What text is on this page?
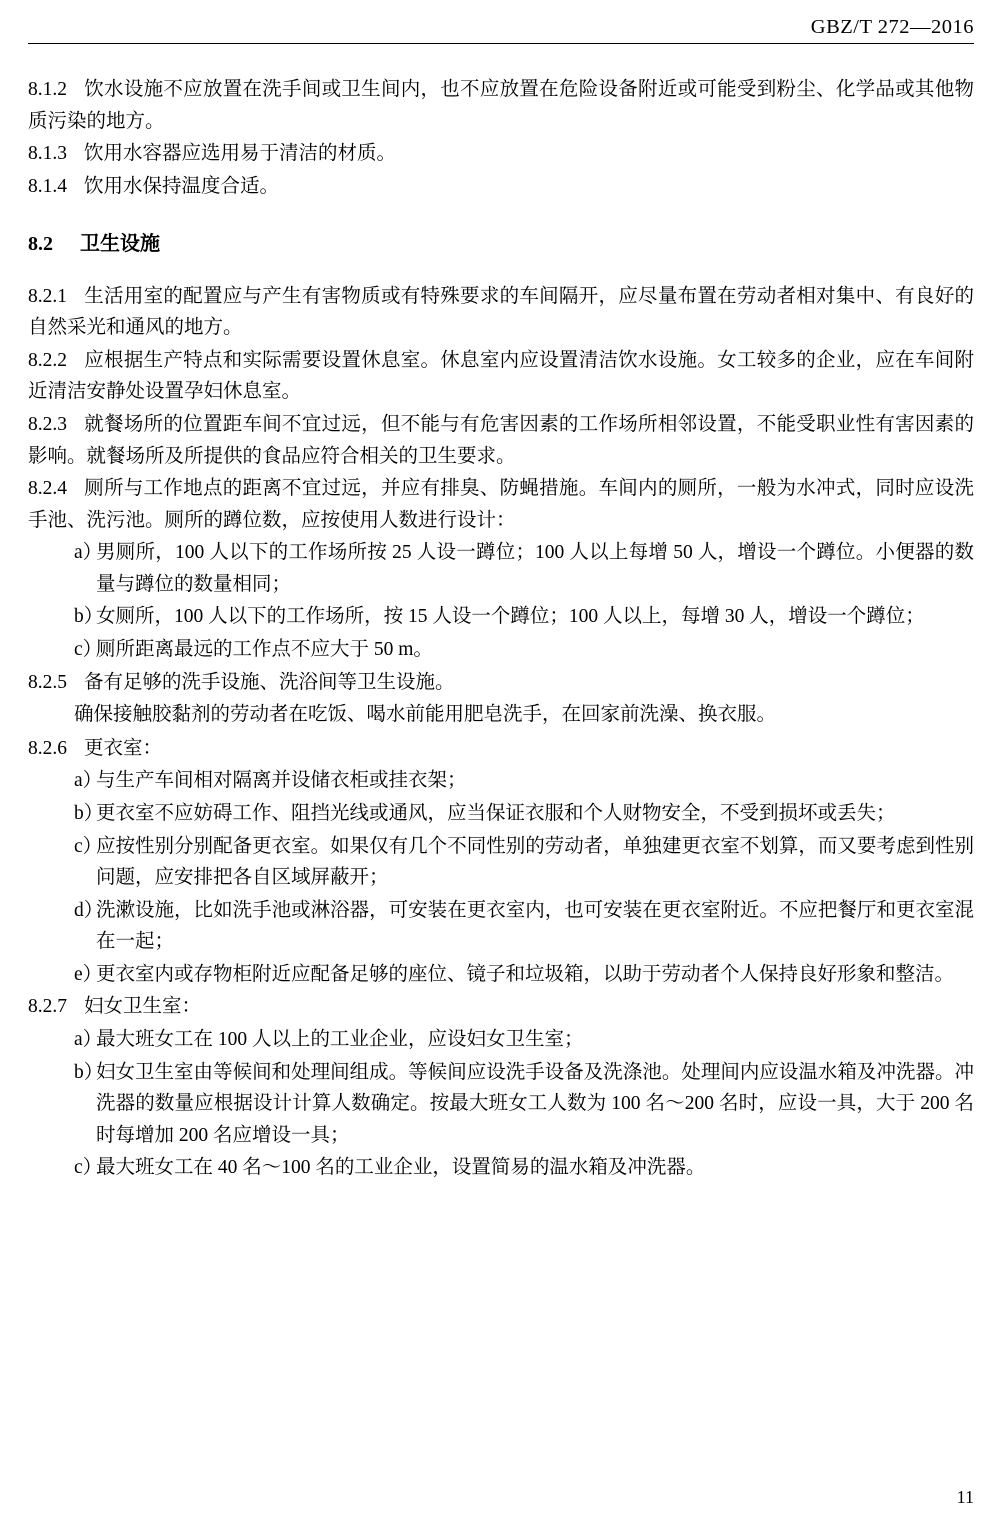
GBZ/T 272—2016

8.1.2 饮水设施不应放置在洗手间或卫生间内，也不应放置在危险设备附近或可能受到粉尘、化学品或其他物质污染的地方。

8.1.3 饮用水容器应选用易于清洁的材质。

8.1.4 饮用水保持温度合适。

8.2 卫生设施

8.2.1 生活用室的配置应与产生有害物质或有特殊要求的车间隔开，应尽量布置在劳动者相对集中、有良好的自然采光和通风的地方。

8.2.2 应根据生产特点和实际需要设置休息室。休息室内应设置清洁饮水设施。女工较多的企业，应在车间附近清洁安静处设置孕妇休息室。

8.2.3 就餐场所的位置距车间不宜过远，但不能与有危害因素的工作场所相邻设置，不能受职业性有害因素的影响。就餐场所及所提供的食品应符合相关的卫生要求。

8.2.4 厕所与工作地点的距离不宜过远，并应有排臭、防蝇措施。车间内的厕所，一般为水冲式，同时应设洗手池、洗污池。厕所的蹲位数，应按使用人数进行设计：

a）
男厕所，100 人以下的工作场所按 25 人设一蹲位；100 人以上每增 50 人，增设一个蹲位。小便器的数量与蹲位的数量相同；
b）
女厕所，100 人以下的工作场所，按 15 人设一个蹲位；100 人以上，每增 30 人，增设一个蹲位；
c）
厕所距离最远的工作点不应大于 50 m。

8.2.5 备有足够的洗手设施、洗浴间等卫生设施。

确保接触胶黏剂的劳动者在吃饭、喝水前能用肥皂洗手，在回家前洗澡、换衣服。

8.2.6 更衣室：

a）
与生产车间相对隔离并设储衣柜或挂衣架；
b）
更衣室不应妨碍工作、阻挡光线或通风，应当保证衣服和个人财物安全，不受到损坏或丢失；
c）
应按性别分别配备更衣室。如果仅有几个不同性别的劳动者，单独建更衣室不划算，而又要考虑到性别问题，应安排把各自区域屏蔽开；
d）
洗漱设施，比如洗手池或淋浴器，可安装在更衣室内，也可安装在更衣室附近。不应把餐厅和更衣室混在一起；
e）
更衣室内或存物柜附近应配备足够的座位、镜子和垃圾箱，以助于劳动者个人保持良好形象和整洁。

8.2.7 妇女卫生室：

a）
最大班女工在 100 人以上的工业企业，应设妇女卫生室；
b）
妇女卫生室由等候间和处理间组成。等候间应设洗手设备及洗涤池。处理间内应设温水箱及冲洗器。冲洗器的数量应根据设计计算人数确定。按最大班女工人数为 100 名～200 名时，应设一具，大于 200 名时每增加 200 名应增设一具；
c）
最大班女工在 40 名～100 名的工业企业，设置简易的温水箱及冲洗器。
11
